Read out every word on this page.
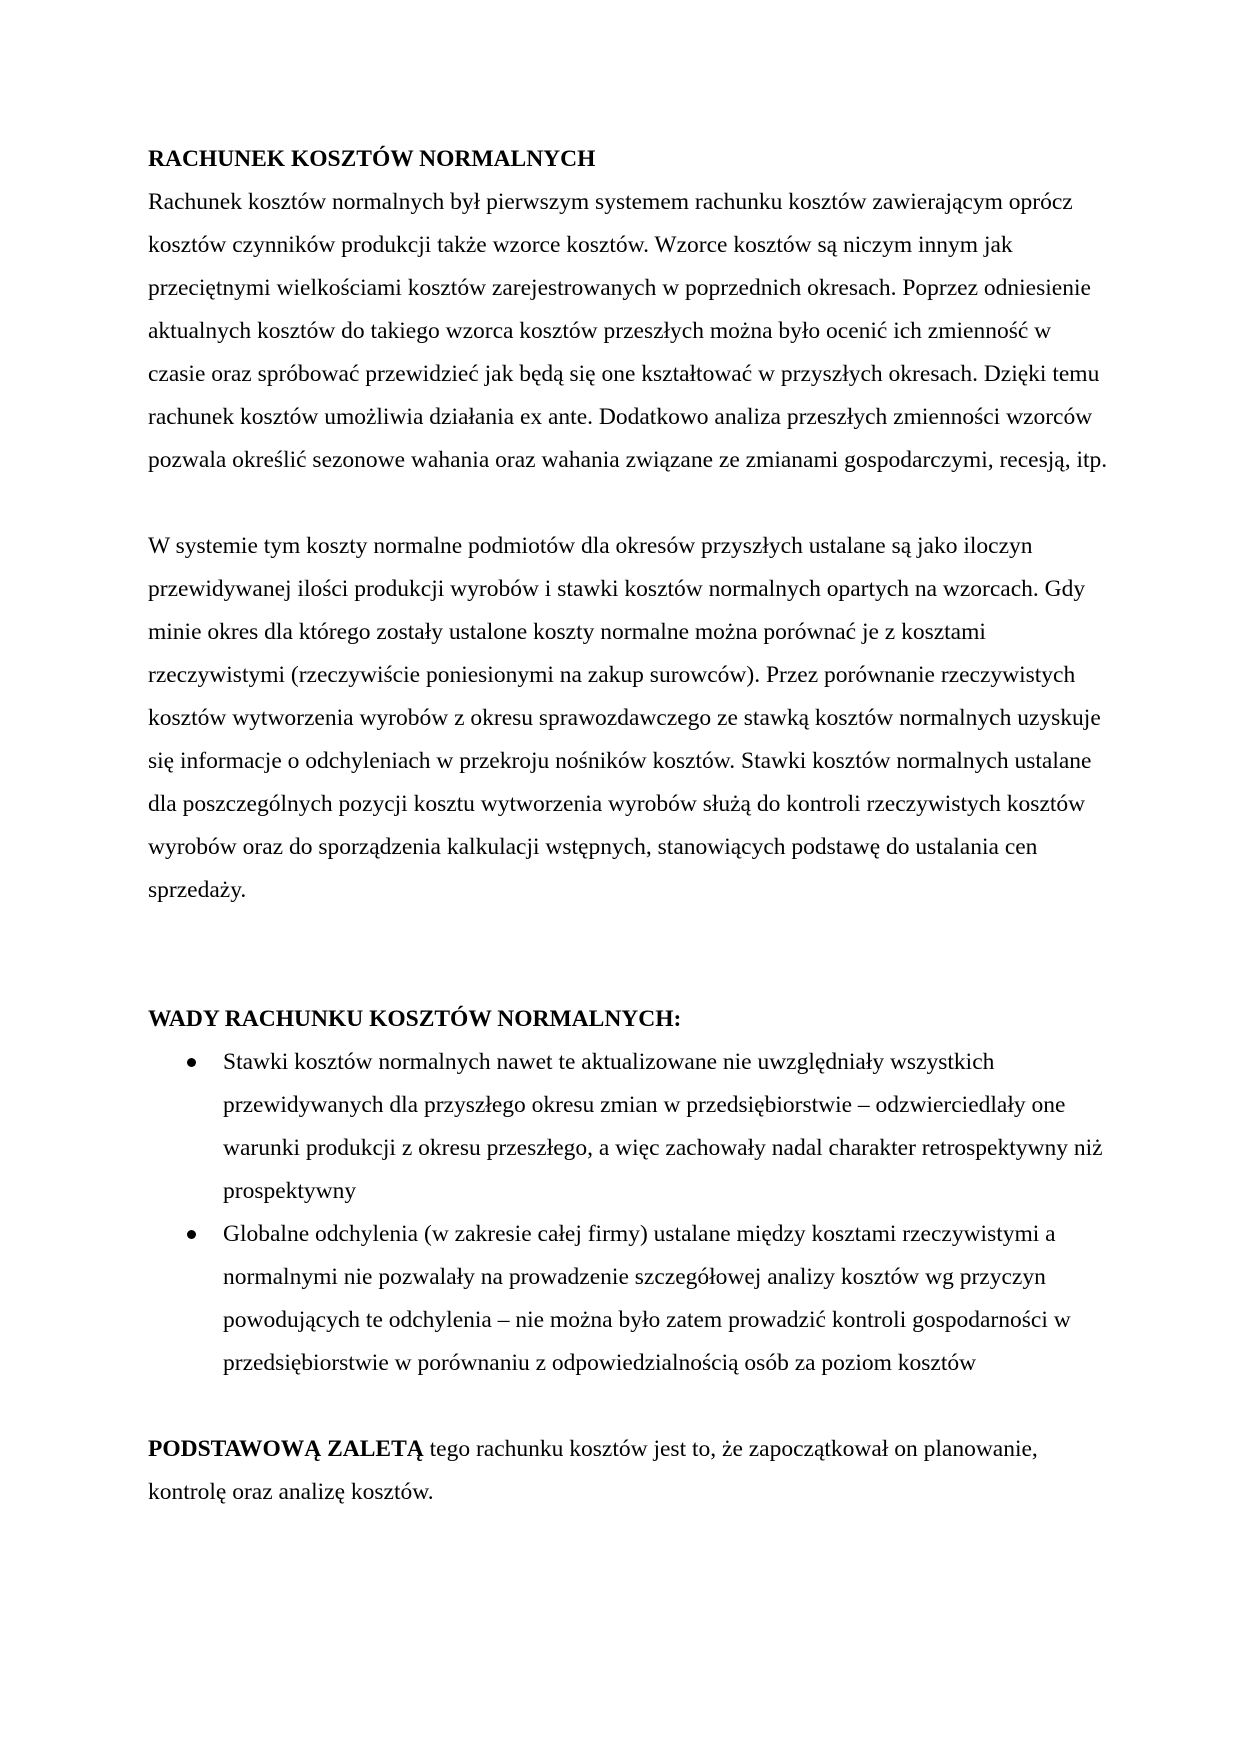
RACHUNEK KOSZTÓW NORMALNYCH

Rachunek kosztów normalnych był pierwszym systemem rachunku kosztów zawierającym oprócz kosztów czynników produkcji także wzorce kosztów. Wzorce kosztów są niczym innym jak przeciętnymi wielkościami kosztów zarejestrowanych w poprzednich okresach. Poprzez odniesienie aktualnych kosztów do takiego wzorca kosztów przeszłych można było ocenić ich zmienność w czasie oraz spróbować przewidzieć jak będą się one kształtować w przyszłych okresach. Dzięki temu rachunek kosztów umożliwia działania ex ante. Dodatkowo analiza przeszłych zmienności wzorców pozwala określić sezonowe wahania oraz wahania związane ze zmianami gospodarczymi, recesją, itp.

W systemie tym koszty normalne podmiotów dla okresów przyszłych ustalane są jako iloczyn przewidywanej ilości produkcji wyrobów i stawki kosztów normalnych opartych na wzorcach. Gdy minie okres dla którego zostały ustalone koszty normalne można porównać je z kosztami rzeczywistymi (rzeczywiście poniesionymi na zakup surowców). Przez porównanie rzeczywistych kosztów wytworzenia wyrobów z okresu sprawozdawczego ze stawką kosztów normalnych uzyskuje się informacje o odchyleniach w przekroju nośników kosztów. Stawki kosztów normalnych ustalane dla poszczególnych pozycji kosztu wytworzenia wyrobów służą do kontroli rzeczywistych kosztów wyrobów oraz do sporządzenia kalkulacji wstępnych, stanowiących podstawę do ustalania cen sprzedaży.

WADY RACHUNKU KOSZTÓW NORMALNYCH:
Stawki kosztów normalnych nawet te aktualizowane nie uwzględniały wszystkich przewidywanych dla przyszłego okresu zmian w przedsiębiorstwie – odzwierciedlały one warunki produkcji z okresu przeszłego, a więc zachowały nadal charakter retrospektywny niż prospektywny
Globalne odchylenia (w zakresie całej firmy) ustalane między kosztami rzeczywistymi a normalnymi nie pozwalały na prowadzenie szczegółowej analizy kosztów wg przyczyn powodujących te odchylenia – nie można było zatem prowadzić kontroli gospodarności w przedsiębiorstwie w porównaniu z odpowiedzialnością osób za poziom kosztów

PODSTAWOWĄ ZALETĄ tego rachunku kosztów jest to, że zapoczątkował on planowanie, kontrolę oraz analizę kosztów.
